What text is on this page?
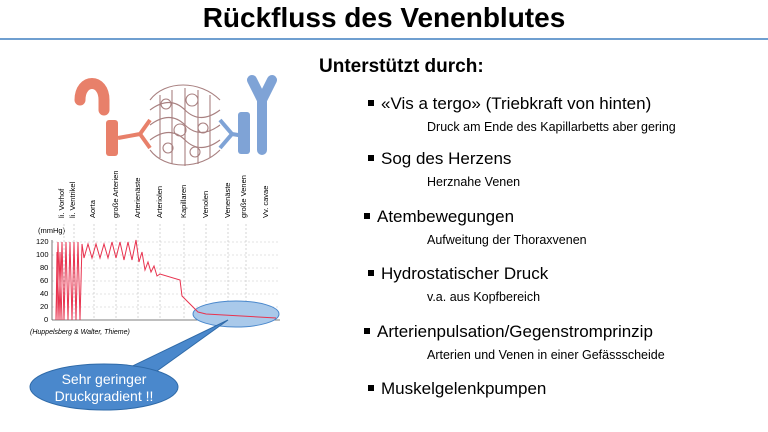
Rückfluss des Venenblutes
Unterstützt durch:
«Vis a tergo» (Triebkraft von hinten)
Druck am Ende des Kapillarbetts aber gering
Sog des Herzens
Herznahe Venen
Atembewegungen
Aufweitung der Thoraxvenen
Hydrostatischer Druck
v.a. aus Kopfbereich
Arterienpulsation/Gegenstromprinzip
Arterien und Venen in einer Gefässscheide
Muskelgelenkpumpen
li. Vorhof li. Ventrikel Aorta große Arterien Arterienäste Arteriolen Kapillaren Venolen Venenäste große Venen Vv. cavae
(mmHg)
120
100
80
60
40
20
0
(Huppelsberg & Walter, Thieme)
Sehr geringer Druckgradient !!
